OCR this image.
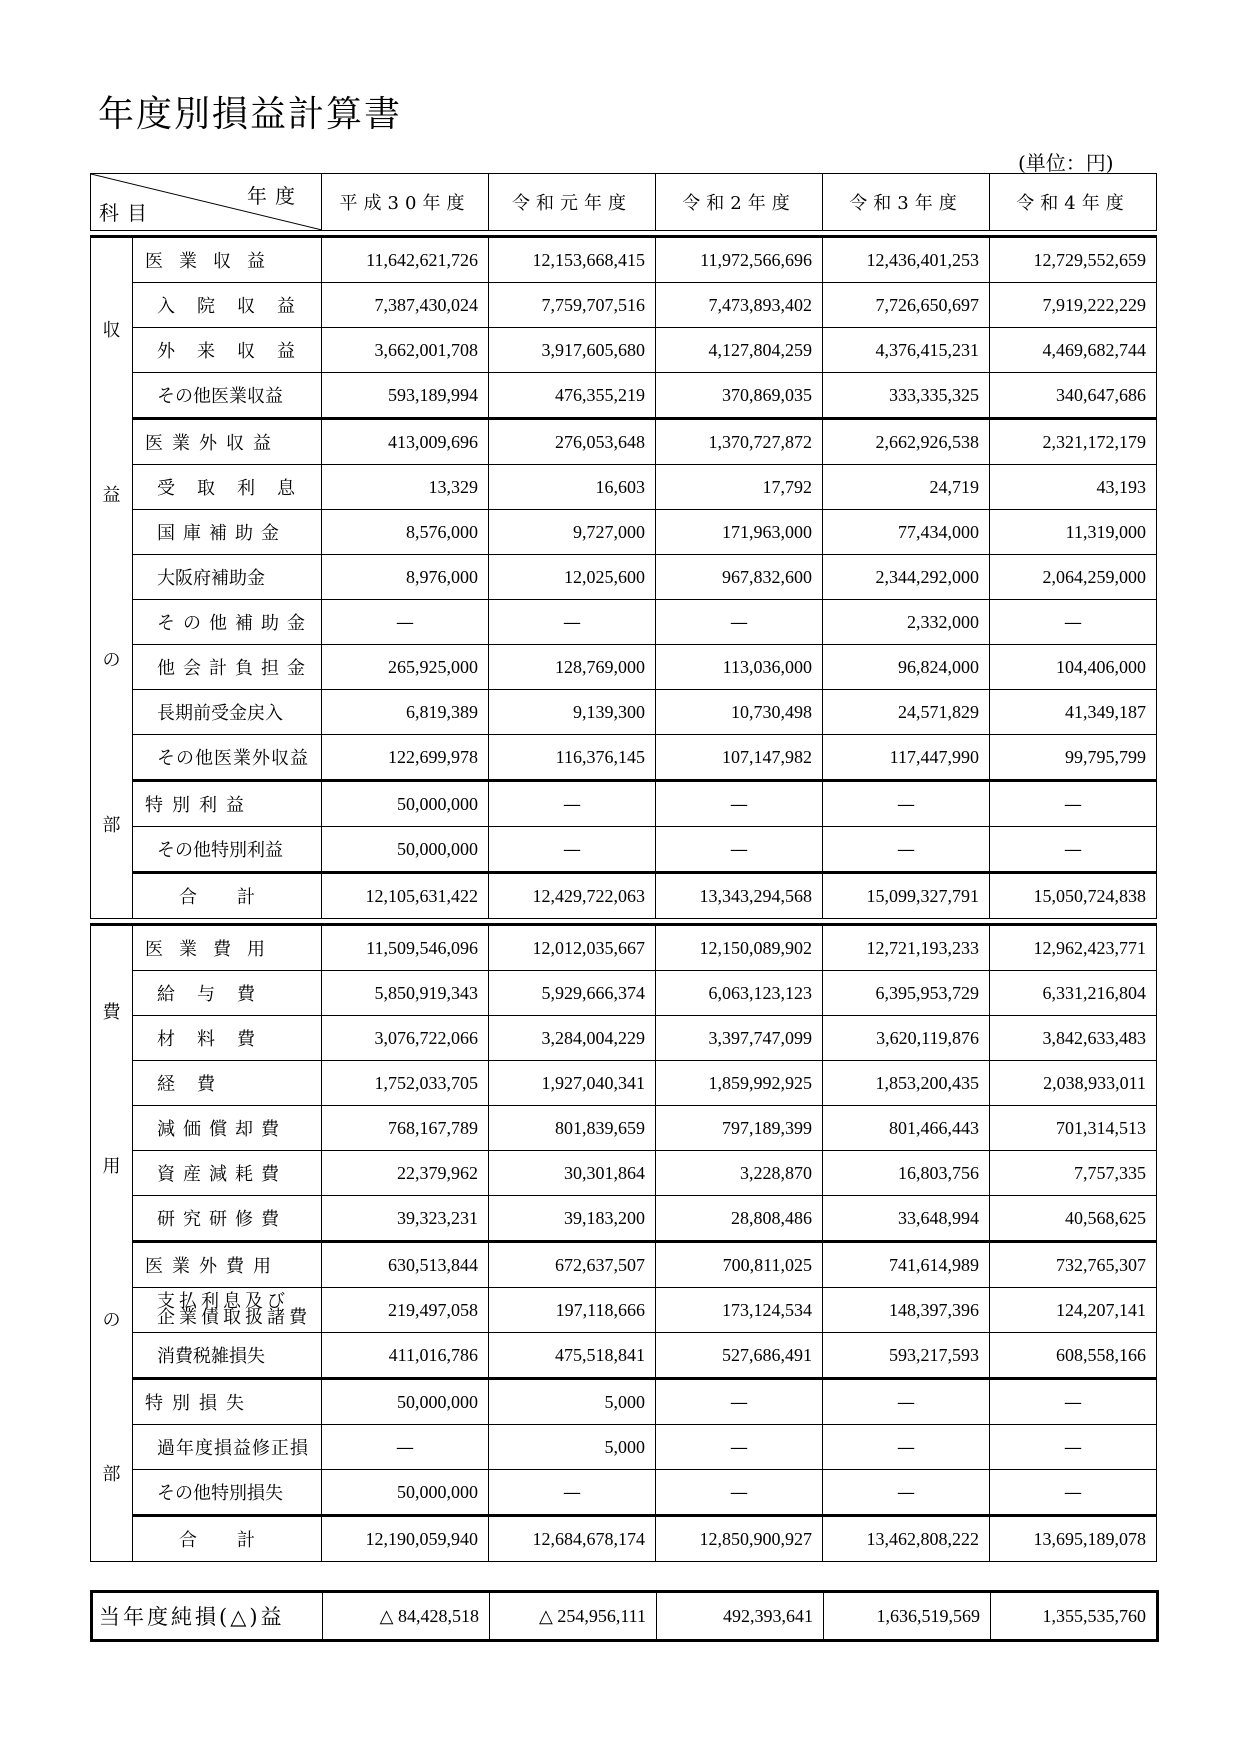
年度別損益計算書
(単位：円)
年度
科目		平成30年度	令和元年度	令和2年度	令和3年度	令和4年度

収
益
の
部	医業収益	11,642,621,726	12,153,668,415	11,972,566,696	12,436,401,253	12,729,552,659
	入院収益	7,387,430,024	7,759,707,516	7,473,893,402	7,726,650,697	7,919,222,229
	外来収益	3,662,001,708	3,917,605,680	4,127,804,259	4,376,415,231	4,469,682,744
	その他医業収益	593,189,994	476,355,219	370,869,035	333,335,325	340,647,686
	医業外収益	413,009,696	276,053,648	1,370,727,872	2,662,926,538	2,321,172,179
	受取利息	13,329	16,603	17,792	24,719	43,193
	国庫補助金	8,576,000	9,727,000	171,963,000	77,434,000	11,319,000
	大阪府補助金	8,976,000	12,025,600	967,832,600	2,344,292,000	2,064,259,000
	その他補助金	—	—	—	2,332,000	—
	他会計負担金	265,925,000	128,769,000	113,036,000	96,824,000	104,406,000
	長期前受金戻入	6,819,389	9,139,300	10,730,498	24,571,829	41,349,187
	その他医業外収益	122,699,978	116,376,145	107,147,982	117,447,990	99,795,799
	特別利益	50,000,000	—	—	—	—
	その他特別利益	50,000,000	—	—	—	—
	合計	12,105,631,422	12,429,722,063	13,343,294,568	15,099,327,791	15,050,724,838

費
用
の
部	医業費用	11,509,546,096	12,012,035,667	12,150,089,902	12,721,193,233	12,962,423,771
	給与費	5,850,919,343	5,929,666,374	6,063,123,123	6,395,953,729	6,331,216,804
	材料費	3,076,722,066	3,284,004,229	3,397,747,099	3,620,119,876	3,842,633,483
	経費	1,752,033,705	1,927,040,341	1,859,992,925	1,853,200,435	2,038,933,011
	減価償却費	768,167,789	801,839,659	797,189,399	801,466,443	701,314,513
	資産減耗費	22,379,962	30,301,864	3,228,870	16,803,756	7,757,335
	研究研修費	39,323,231	39,183,200	28,808,486	33,648,994	40,568,625
	医業外費用	630,513,844	672,637,507	700,811,025	741,614,989	732,765,307

	支払利息及び
企業債取扱諸費	219,497,058	197,118,666	173,124,534	148,397,396	124,207,141
	消費税雑損失	411,016,786	475,518,841	527,686,491	593,217,593	608,558,166
	特別損失	50,000,000	5,000	—	—	—
	過年度損益修正損	—	5,000	—	—	—
	その他特別損失	50,000,000	—	—	—	—
	合計	12,190,059,940	12,684,678,174	12,850,900,927	13,462,808,222	13,695,189,078
当年度純損(△)益	△ 84,428,518	△ 254,956,111	492,393,641	1,636,519,569	1,355,535,760
